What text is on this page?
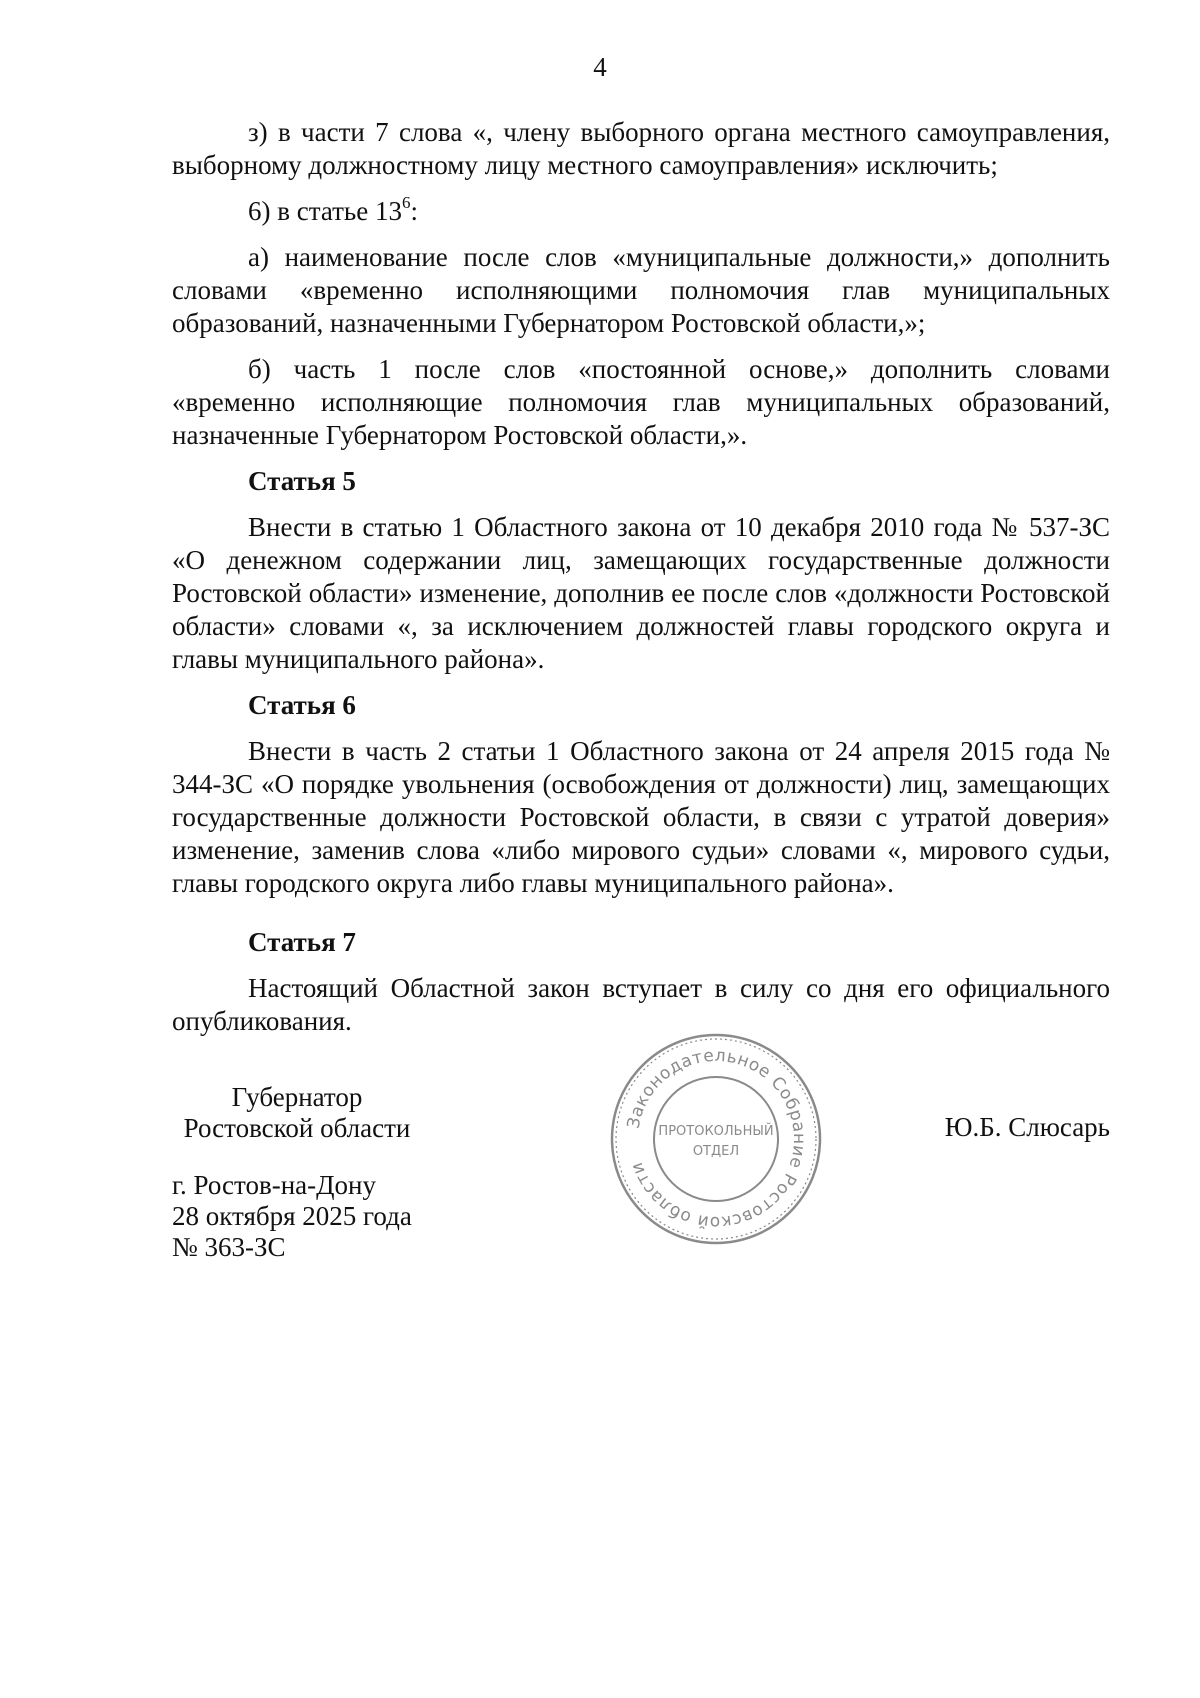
4

з) в части 7 слова «, члену выборного органа местного самоуправления, выборному должностному лицу местного самоуправления» исключить;

6) в статье $13^6$:

а) наименование после слов «муниципальные должности,» дополнить словами «временно исполняющими полномочия глав муниципальных образований, назначенными Губернатором Ростовской области,»;

б) часть 1 после слов «постоянной основе,» дополнить словами «временно исполняющие полномочия глав муниципальных образований, назначенные Губернатором Ростовской области,».

Статья 5

Внести в статью 1 Областного закона от 10 декабря 2010 года № 537-ЗС «О денежном содержании лиц, замещающих государственные должности Ростовской области» изменение, дополнив ее после слов «должности Ростовской области» словами «, за исключением должностей главы городского округа и главы муниципального района».

Статья 6

Внести в часть 2 статьи 1 Областного закона от 24 апреля 2015 года № 344-ЗС «О порядке увольнения (освобождения от должности) лиц, замещающих государственные должности Ростовской области, в связи с утратой доверия» изменение, заменив слова «либо мирового судьи» словами «, мирового судьи, главы городского округа либо главы муниципального района».

Статья 7

Настоящий Областной закон вступает в силу со дня его официального опубликования.

Губернатор
Ростовской области	Ю.Б. Слюсарь
г. Ростов-на-Дону
28 октября 2025 года
№ 363-ЗС
Законодательное Собрание Ростовской области
ПРОТОКОЛЬНЫЙ
ОТДЕЛ
